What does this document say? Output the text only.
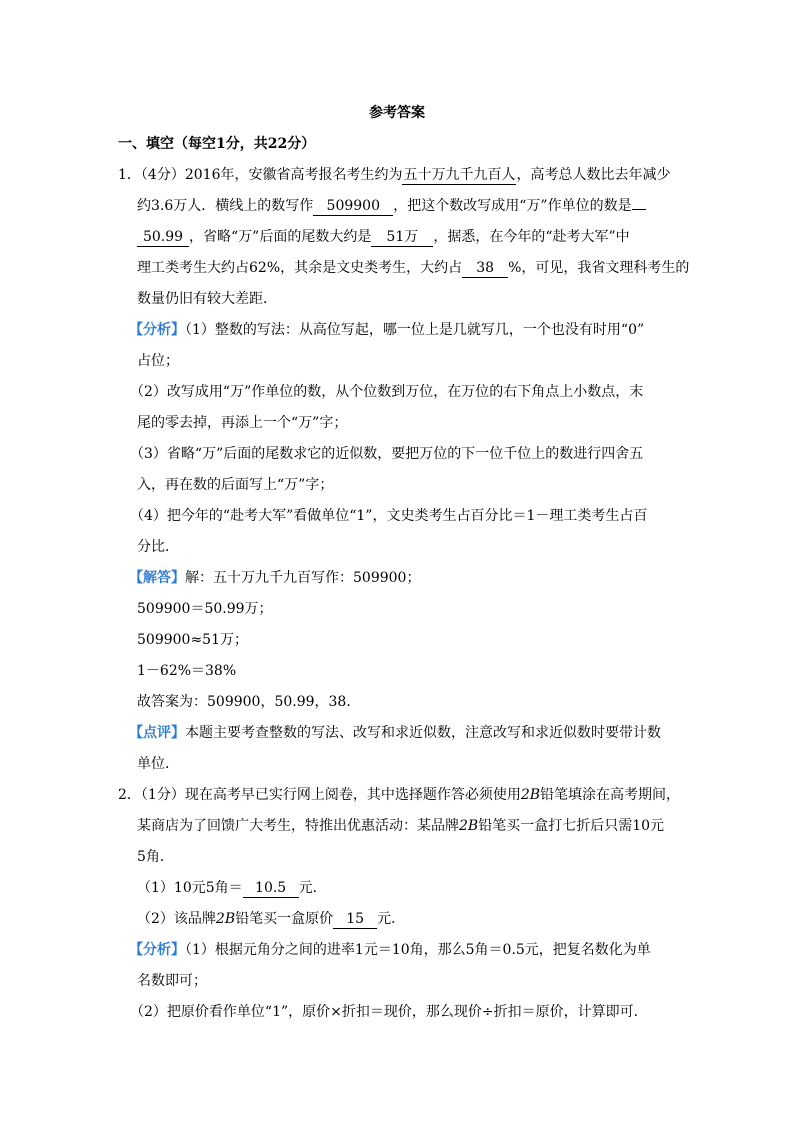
参考答案
一、填空（每空1分，共22分）
1．（4分）2016年，安徽省高考报名考生约为五十万九千九百人，高考总人数比去年减少
约3.6万人．横线上的数写作 509900 ，把这个数改写成用“万”作单位的数是
50.99 ，省略“万”后面的尾数大约是 51万 ，据悉，在今年的“赴考大军”中
理工类考生大约占62%，其余是文史类考生，大约占 38 %，可见，我省文理科考生的
数量仍旧有较大差距．
【分析】（1）整数的写法：从高位写起，哪一位上是几就写几，一个也没有时用“0”
占位；
（2）改写成用“万”作单位的数，从个位数到万位，在万位的右下角点上小数点，末
尾的零去掉，再添上一个“万”字；
（3）省略“万”后面的尾数求它的近似数，要把万位的下一位千位上的数进行四舍五
入，再在数的后面写上“万”字；
（4）把今年的“赴考大军”看做单位“1”，文史类考生占百分比＝1－理工类考生占百
分比．
【解答】解：五十万九千九百写作：509900；
509900＝50.99万；
509900≈51万；
1－62%＝38%
故答案为：509900，50.99，38．
【点评】本题主要考查整数的写法、改写和求近似数，注意改写和求近似数时要带计数
单位．
2．（1分）现在高考早已实行网上阅卷，其中选择题作答必须使用2B铅笔填涂在高考期间，
某商店为了回馈广大考生，特推出优惠活动：某品牌2B铅笔买一盒打七折后只需10元
5角．
（1）10元5角＝ 10.5 元．
（2）该品牌2B铅笔买一盒原价 15 元．
【分析】（1）根据元角分之间的进率1元＝10角，那么5角＝0.5元，把复名数化为单
名数即可；
（2）把原价看作单位“1”，原价×折扣＝现价，那么现价÷折扣＝原价，计算即可．
